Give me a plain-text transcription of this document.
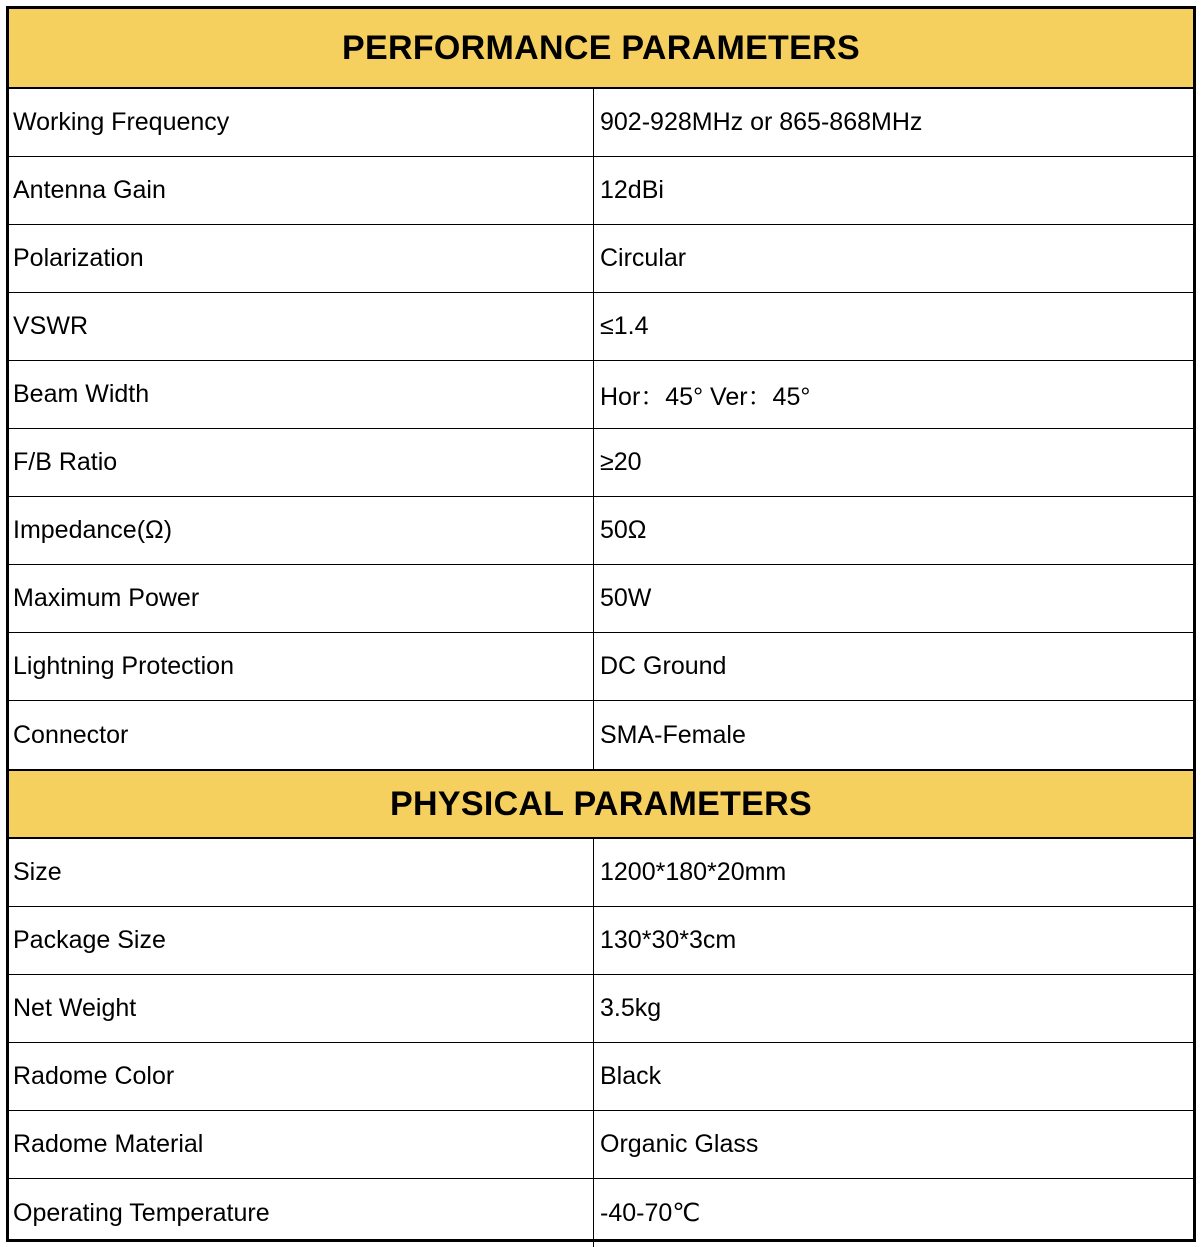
PERFORMANCE PARAMETERS
Working Frequency	902-928MHz or 865-868MHz
Antenna Gain	12dBi
Polarization	Circular
VSWR	≤1.4
Beam Width	Hor：45° Ver：45°
F/B Ratio	≥20
Impedance(Ω)	50Ω
Maximum Power	50W
Lightning Protection	DC Ground
Connector	SMA-Female
PHYSICAL PARAMETERS
Size	1200*180*20mm
Package Size	130*30*3cm
Net Weight	3.5kg
Radome Color	Black
Radome Material	Organic Glass
Operating Temperature	-40-70℃
